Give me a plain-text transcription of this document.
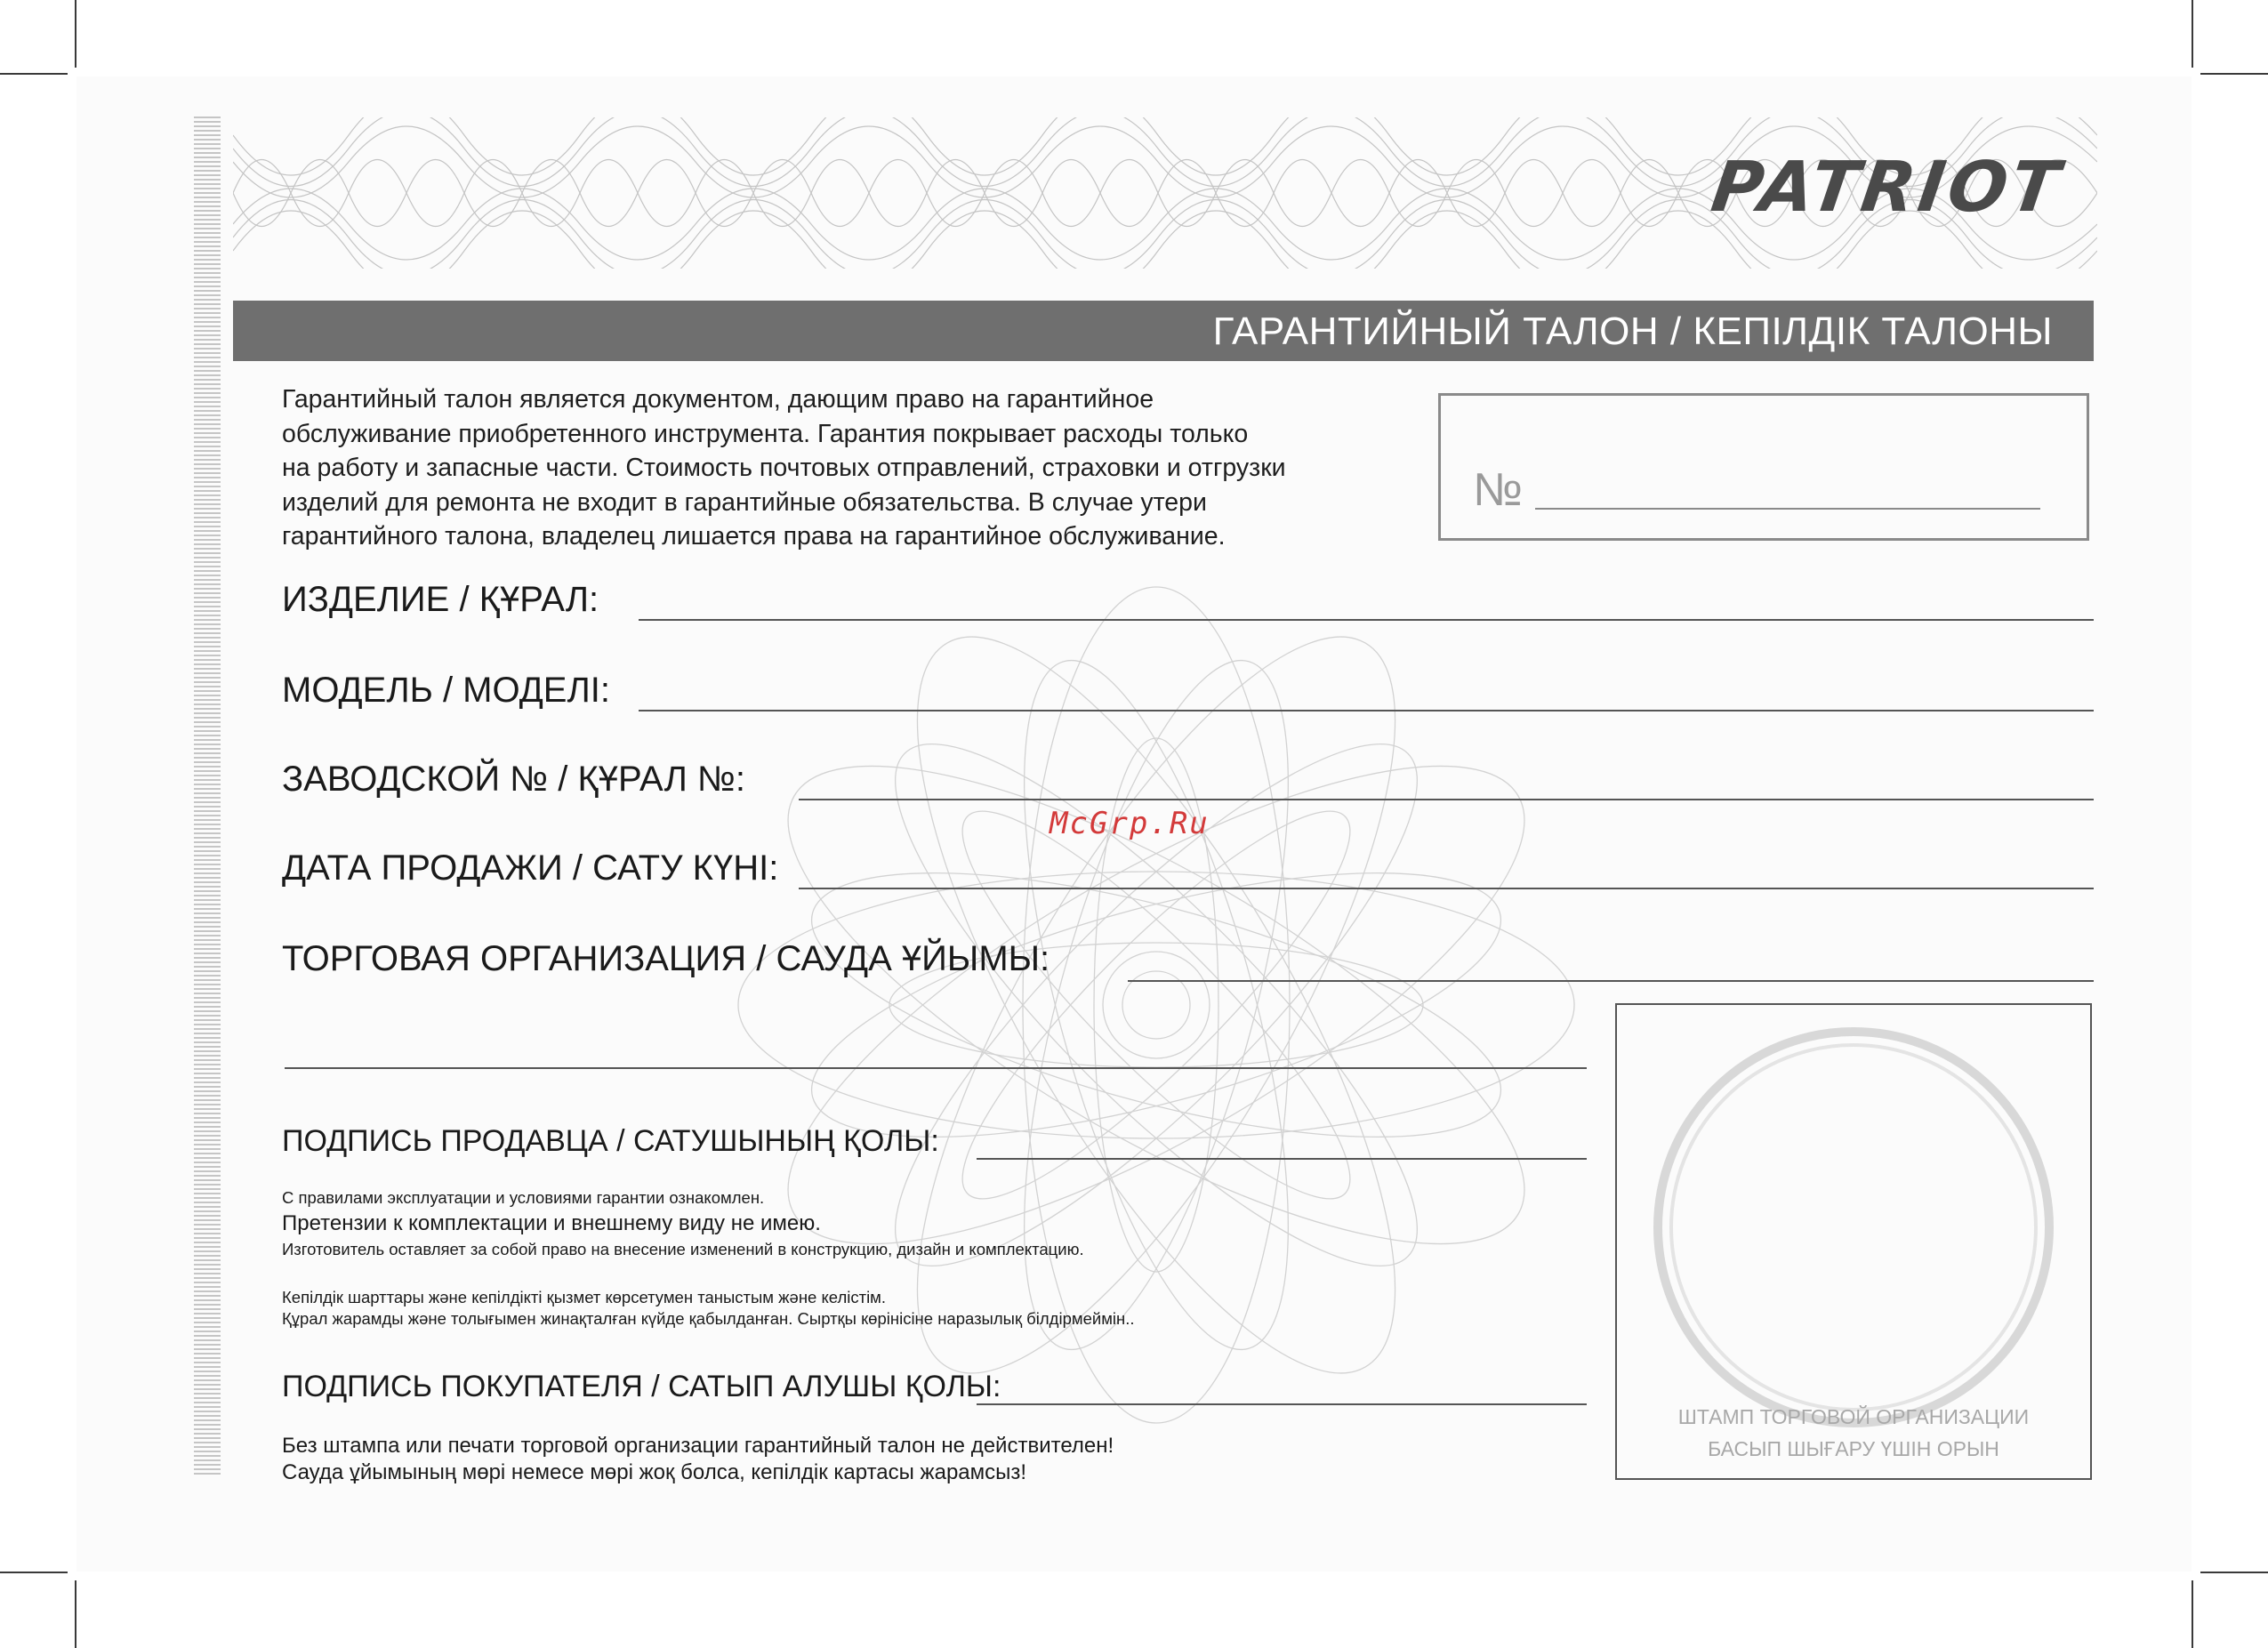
PATRIOT
ГАРАНТИЙНЫЙ ТАЛОН / КЕПІЛДІК ТАЛОНЫ
Гарантийный талон является документом, дающим право на гарантийное
обслуживание приобретенного инструмента. Гарантия покрывает расходы только
на работу и запасные части. Стоимость почтовых отправлений, страховки и отгрузки
изделий для ремонта не входит в гарантийные обязательства. В случае утери
гарантийного талона, владелец лишается права на гарантийное обслуживание.
№
ИЗДЕЛИЕ / ҚҰРАЛ:
МОДЕЛЬ / МОДЕЛІ:
ЗАВОДСКОЙ № / ҚҰРАЛ №:
ДАТА ПРОДАЖИ / САТУ КҮНІ:
ТОРГОВАЯ ОРГАНИЗАЦИЯ / САУДА ҰЙЫМЫ:
McGrp.Ru
ПОДПИСЬ ПРОДАВЦА / САТУШЫНЫҢ ҚОЛЫ:
С правилами эксплуатации и условиями гарантии ознакомлен.
Претензии к комплектации и внешнему виду не имею.
Изготовитель оставляет за собой право на внесение изменений в конструкцию, дизайн и комплектацию.
Кепілдік шарттары және кепілдікті қызмет көрсетумен таныстым және келістім.
Құрал жарамды және толығымен жинақталған күйде қабылданған. Сыртқы көрінісіне наразылық білдірмеймін..
ПОДПИСЬ ПОКУПАТЕЛЯ / САТЫП АЛУШЫ ҚОЛЫ:
Без штампа или печати торговой организации гарантийный талон не действителен!
Сауда ұйымының мөрі немесе мөрі жоқ болса, кепілдік картасы жарамсыз!
ШТАМП ТОРГОВОЙ ОРГАНИЗАЦИИ
БАСЫП ШЫҒАРУ ҮШІН ОРЫН
